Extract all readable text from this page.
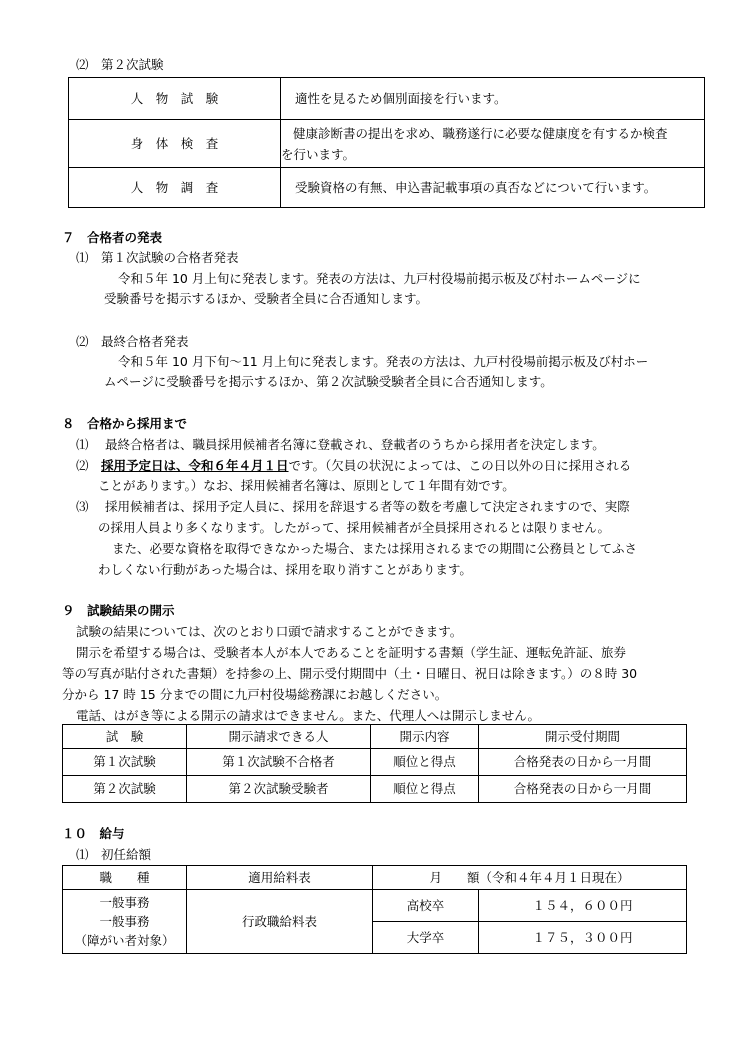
⑵　第２次試験
人　物　試　験	適性を見るため個別面接を行います。
身　体　検　査	健康診断書の提出を求め、職務遂行に必要な健康度を有するか検査
を行います。

人　物　調　査	受験資格の有無、申込書記載事項の真否などについて行います。
７　合格者の発表
⑴　第１次試験の合格者発表
令和５年 10 月上旬に発表します。発表の方法は、九戸村役場前掲示板及び村ホームページに
受験番号を掲示するほか、受験者全員に合否通知します。
⑵　最終合格者発表
令和５年 10 月下旬～11 月上旬に発表します。発表の方法は、九戸村役場前掲示板及び村ホー
ムページに受験番号を掲示するほか、第２次試験受験者全員に合否通知します。
８　合格から採用まで
⑴　 最終合格者は、職員採用候補者名簿に登載され、登載者のうちから採用者を決定します。
⑵　採用予定日は、令和６年４月１日です。（欠員の状況によっては、この日以外の日に採用される
ことがあります。）なお、採用候補者名簿は、原則として１年間有効です。
⑶　 採用候補者は、採用予定人員に、採用を辞退する者等の数を考慮して決定されますので、実際
の採用人員より多くなります。したがって、採用候補者が全員採用されるとは限りません。
また、必要な資格を取得できなかった場合、または採用されるまでの期間に公務員としてふさ
わしくない行動があった場合は、採用を取り消すことがあります。
９　試験結果の開示
試験の結果については、次のとおり口頭で請求することができます。
開示を希望する場合は、受験者本人が本人であることを証明する書類（学生証、運転免許証、旅券
等の写真が貼付された書類）を持参の上、開示受付期間中（土・日曜日、祝日は除きます。）の８時 30
分から 17 時 15 分までの間に九戸村役場総務課にお越しください。
電話、はがき等による開示の請求はできません。また、代理人へは開示しません。
試　験	開示請求できる人	開示内容	開示受付期間
第１次試験	第１次試験不合格者	順位と得点	合格発表の日から一月間
第２次試験	第２次試験受験者	順位と得点	合格発表の日から一月間
１０　給与
⑴　初任給額
職　　種	適用給料表	月　　額（令和４年４月１日現在）	

一般事務
一般事務
（障がい者対象）	行政職給料表	高校卒	１５４，６００円
		大学卒	１７５，３００円
